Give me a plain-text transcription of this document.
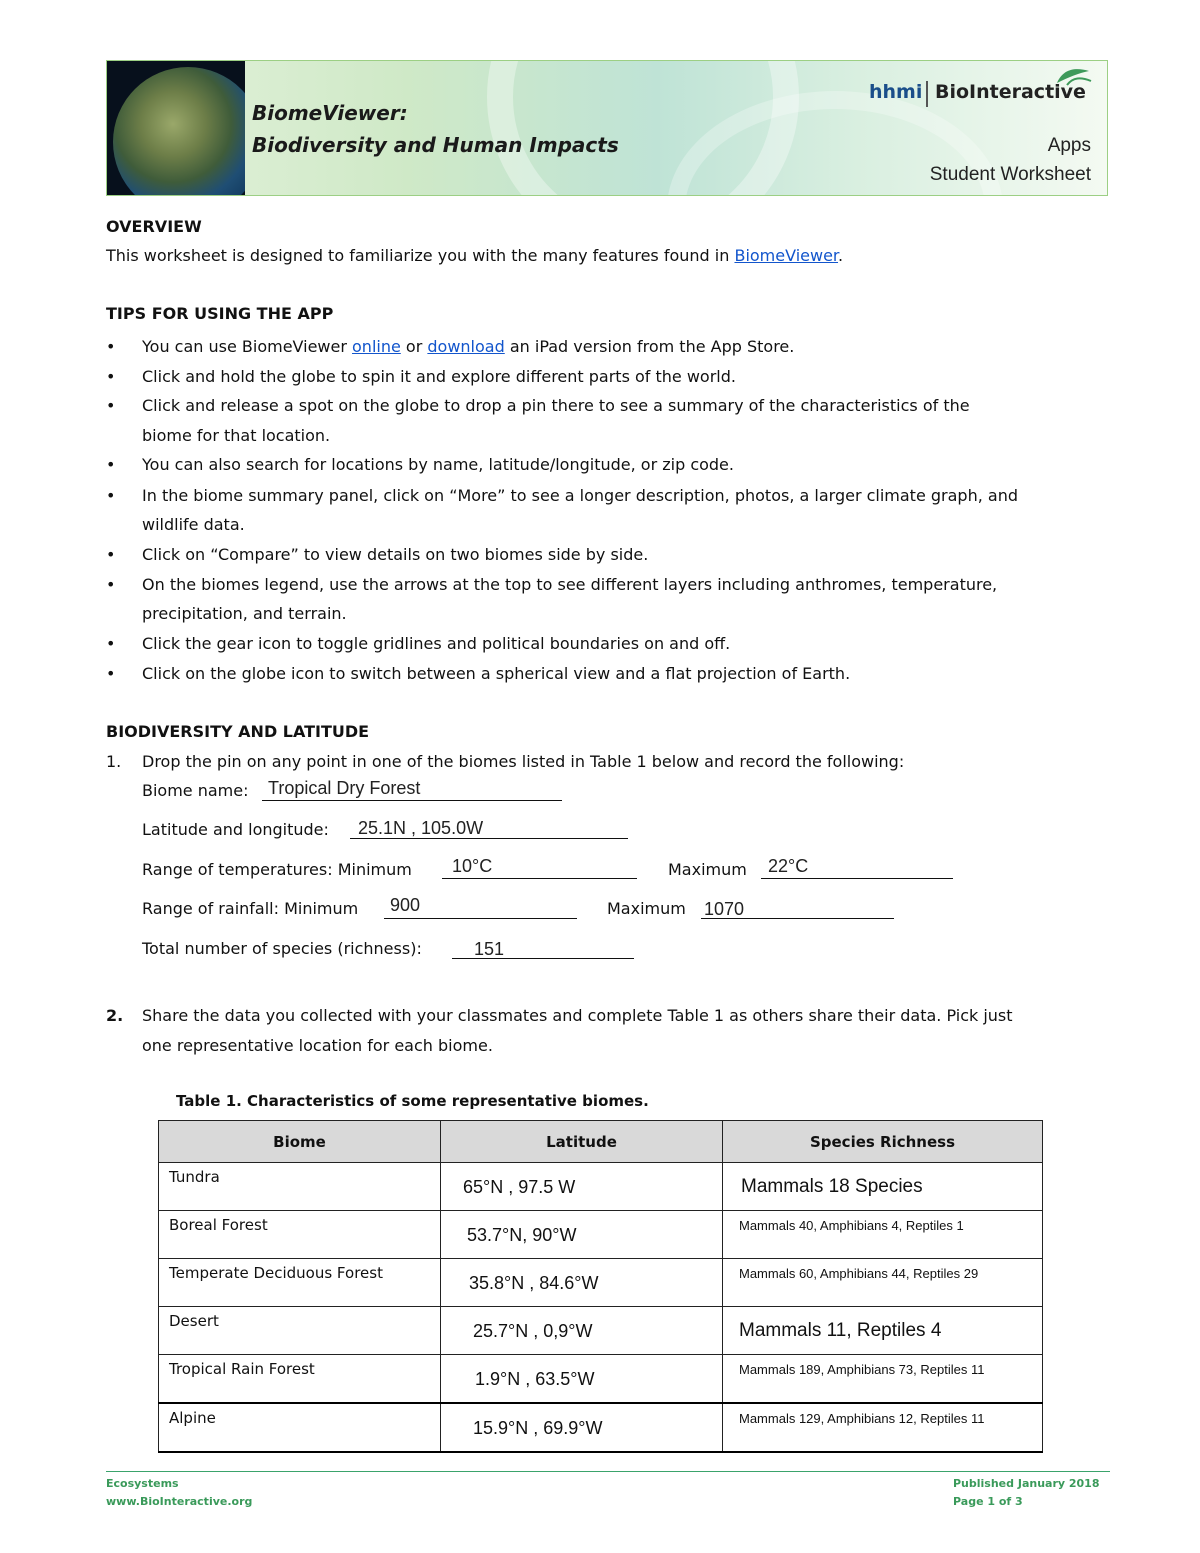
BiomeViewer:
Biodiversity and Human Impacts
hhmi BioInteractive
Apps
Student Worksheet
OVERVIEW
This worksheet is designed to familiarize you with the many features found in BiomeViewer.
TIPS FOR USING THE APP
• You can use BiomeViewer online or download an iPad version from the App Store.
• Click and hold the globe to spin it and explore different parts of the world.
• Click and release a spot on the globe to drop a pin there to see a summary of the characteristics of the
biome for that location.
• You can also search for locations by name, latitude/longitude, or zip code.
• In the biome summary panel, click on “More” to see a longer description, photos, a larger climate graph, and
wildlife data.
• Click on “Compare” to view details on two biomes side by side.
• On the biomes legend, use the arrows at the top to see different layers including anthromes, temperature,
precipitation, and terrain.
• Click the gear icon to toggle gridlines and political boundaries on and off.
• Click on the globe icon to switch between a spherical view and a flat projection of Earth.
BIODIVERSITY AND LATITUDE
1. Drop the pin on any point in one of the biomes listed in Table 1 below and record the following:
Biome name: Tropical Dry Forest
Latitude and longitude: 25.1N , 105.0W
Range of temperatures: Minimum 10°C	Maximum 22°C
Range of rainfall: Minimum 900	Maximum 1070
Total number of species (richness):	151
2. Share the data you collected with your classmates and complete Table 1 as others share their data. Pick just
one representative location for each biome.
Table 1. Characteristics of some representative biomes.
Biome	Latitude	Species Richness
Tundra	65°N , 97.5 W	Mammals 18 Species

Boreal Forest	53.7°N, 90°W	Mammals 40, Amphibians 4, Reptiles 1

Temperate Deciduous Forest	35.8°N , 84.6°W	Mammals 60, Amphibians 44, Reptiles 29

Desert	25.7°N , 0,9°W	Mammals 11, Reptiles 4

Tropical Rain Forest	1.9°N , 63.5°W	Mammals 189, Amphibians 73, Reptiles 11

Alpine	15.9°N , 69.9°W	Mammals 129, Amphibians 12, Reptiles 11
Ecosystems
www.BioInteractive.org
Published January 2018
Page 1 of 3
